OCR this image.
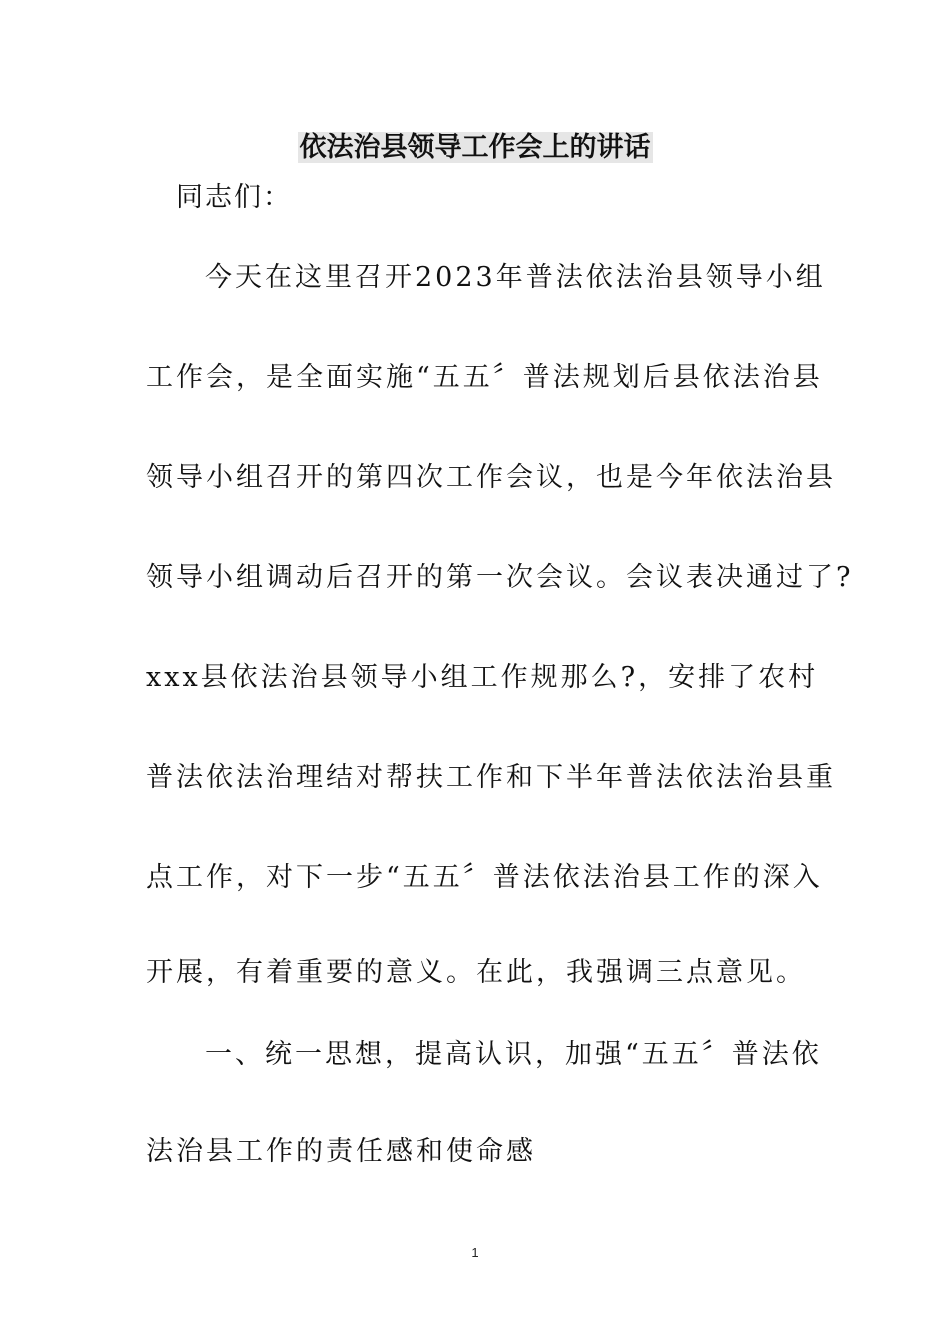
依法治县领导工作会上的讲话
同志们：
今天在这里召开2023年普法依法治县领导小组
工作会，是全面实施“五五〞普法规划后县依法治县
领导小组召开的第四次工作会议，也是今年依法治县
领导小组调动后召开的第一次会议。会议表决通过了?
xxx县依法治县领导小组工作规那么?，安排了农村
普法依法治理结对帮扶工作和下半年普法依法治县重
点工作，对下一步“五五〞普法依法治县工作的深入
开展，有着重要的意义。在此，我强调三点意见。
一、统一思想，提高认识，加强“五五〞普法依
法治县工作的责任感和使命感
1
